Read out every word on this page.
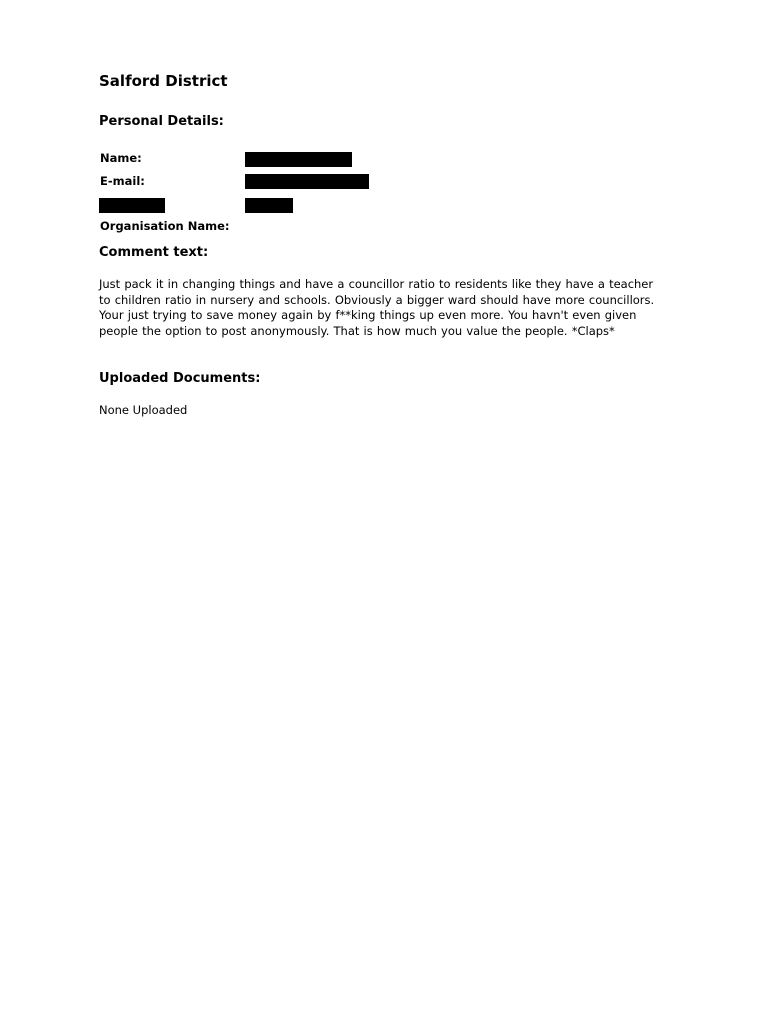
Salford District
Personal Details:
Name:
E-mail:
Organisation Name:
Comment text:

Just pack it in changing things and have a councillor ratio to residents like they have a teacher to children ratio in nursery and schools. Obviously a bigger ward should have more councillors. Your just trying to save money again by f**king things up even more. You havn't even given people the option to post anonymously. That is how much you value the people. *Claps*

Uploaded Documents:

None Uploaded
